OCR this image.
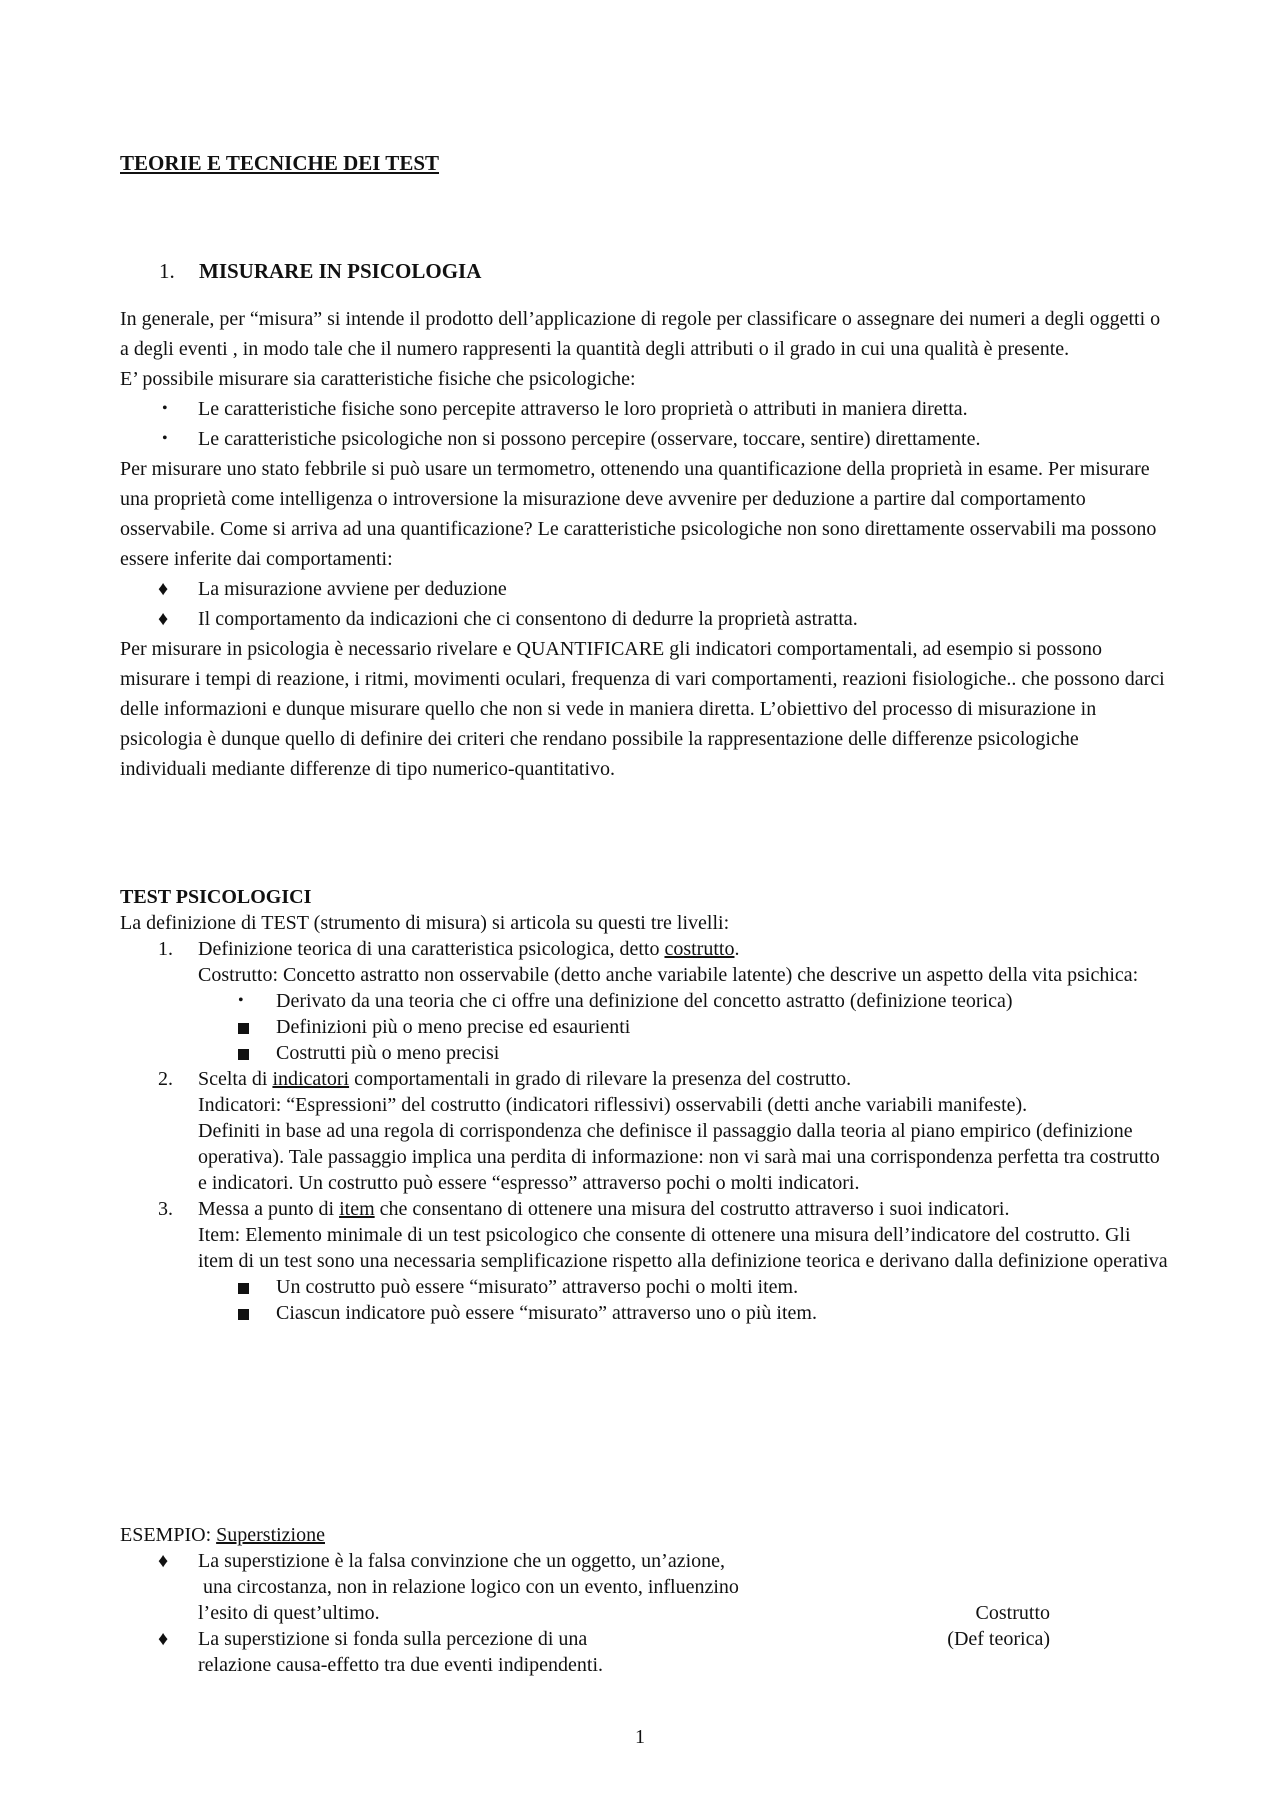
TEORIE E TECNICHE DEI TEST
1. MISURARE IN PSICOLOGIA

In generale, per “misura” si intende il prodotto dell’applicazione di regole per classificare o assegnare dei numeri a degli oggetti o a degli eventi , in modo tale che il numero rappresenti la quantità degli attributi o il grado in cui una qualità è presente.

E’ possibile misurare sia caratteristiche fisiche che psicologiche:

•	Le caratteristiche fisiche sono percepite attraverso le loro proprietà o attributi in maniera diretta.

•	Le caratteristiche psicologiche non si possono percepire (osservare, toccare, sentire) direttamente.

Per misurare uno stato febbrile si può usare un termometro, ottenendo una quantificazione della proprietà in esame. Per misurare una proprietà come intelligenza o introversione la misurazione deve avvenire per deduzione a partire dal comportamento osservabile. Come si arriva ad una quantificazione? Le caratteristiche psicologiche non sono direttamente osservabili ma possono essere inferite dai comportamenti:

♦	La misurazione avviene per deduzione

♦	Il comportamento da indicazioni che ci consentono di dedurre la proprietà astratta.

Per misurare in psicologia è necessario rivelare e QUANTIFICARE gli indicatori comportamentali, ad esempio si possono misurare i tempi di reazione, i ritmi, movimenti oculari, frequenza di vari comportamenti, reazioni fisiologiche.. che possono darci delle informazioni e dunque misurare quello che non si vede in maniera diretta. L’obiettivo del processo di misurazione in psicologia è dunque quello di definire dei criteri che rendano possibile la rappresentazione delle differenze psicologiche individuali mediante differenze di tipo numerico-quantitativo.

TEST PSICOLOGICI

La definizione di TEST (strumento di misura) si articola su questi tre livelli:

1.	Definizione teorica di una caratteristica psicologica, detto costrutto.

Costrutto: Concetto astratto non osservabile (detto anche variabile latente) che descrive un aspetto della vita psichica:

•	Derivato da una teoria che ci offre una definizione del concetto astratto (definizione teorica)

Definizioni più o meno precise ed esaurienti

Costrutti più o meno precisi

2.	Scelta di indicatori comportamentali in grado di rilevare la presenza del costrutto.

Indicatori: “Espressioni” del costrutto (indicatori riflessivi) osservabili (detti anche variabili manifeste).

Definiti in base ad una regola di corrispondenza che definisce il passaggio dalla teoria al piano empirico (definizione operativa). Tale passaggio implica una perdita di informazione: non vi sarà mai una corrispondenza perfetta tra costrutto e indicatori. Un costrutto può essere “espresso” attraverso pochi o molti indicatori.

3.	Messa a punto di item che consentano di ottenere una misura del costrutto attraverso i suoi indicatori.

Item: Elemento minimale di un test psicologico che consente di ottenere una misura dell’indicatore del costrutto. Gli item di un test sono una necessaria semplificazione rispetto alla definizione teorica e derivano dalla definizione operativa

Un costrutto può essere “misurato” attraverso pochi o molti item.

Ciascun indicatore può essere “misurato” attraverso uno o più item.

ESEMPIO: Superstizione

♦	La superstizione è la falsa convinzione che un oggetto, un’azione,

una circostanza, non in relazione logico con un evento, influenzino

l’esito di quest’ultimo.

♦	La superstizione si fonda sulla percezione di una

relazione causa-effetto tra due eventi indipendenti.

Costrutto
(Def teorica)
1
